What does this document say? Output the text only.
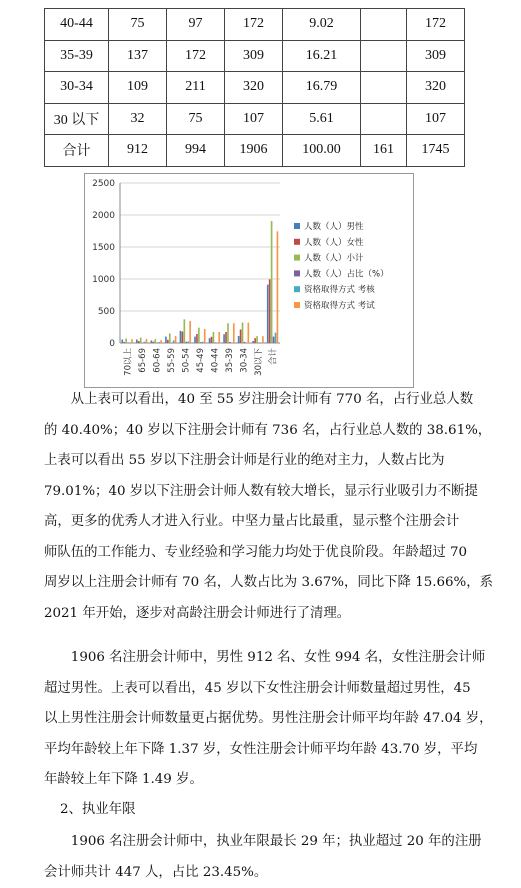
40-44	75	97	172	9.02		172
35-39	137	172	309	16.21		309
30-34	109	211	320	16.79		320
30 以下	32	75	107	5.61		107
合计	912	994	1906	100.00	161	1745
0
500
1000
1500
2000
2500
70以上 65-69 60-64 55-59 50-54 45-49 40-44 35-39 30-34 30以下 合计
人数（人）男性
人数（人）女性
人数（人）小计
人数（人）占比（%）
资格取得方式 考核
资格取得方式 考试
从上表可以看出，40 至 55 岁注册会计师有 770 名，占行业总人数
的 40.40%；40 岁以下注册会计师有 736 名，占行业总人数的 38.61%，
上表可以看出 55 岁以下注册会计师是行业的绝对主力，人数占比为
79.01%；40 岁以下注册会计师人数有较大增长，显示行业吸引力不断提
高，更多的优秀人才进入行业。中坚力量占比最重，显示整个注册会计
师队伍的工作能力、专业经验和学习能力均处于优良阶段。年龄超过 70
周岁以上注册会计师有 70 名，人数占比为 3.67%，同比下降 15.66%，系
2021 年开始，逐步对高龄注册会计师进行了清理。
1906 名注册会计师中，男性 912 名、女性 994 名，女性注册会计师
超过男性。上表可以看出，45 岁以下女性注册会计师数量超过男性，45
以上男性注册会计师数量更占据优势。男性注册会计师平均年龄 47.04 岁，
平均年龄较上年下降 1.37 岁，女性注册会计师平均年龄 43.70 岁，平均
年龄较上年下降 1.49 岁。
2、执业年限
1906 名注册会计师中，执业年限最长 29 年；执业超过 20 年的注册
会计师共计 447 人，占比 23.45%。
